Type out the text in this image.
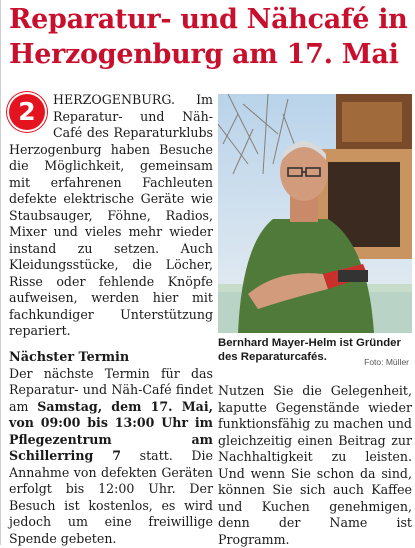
Reparatur- und Nähcafé in Herzogenburg am 17. Mai
2	HERZOGENBURG. Im Reparatur- und Näh-Café des Reparaturklubs Herzogenburg haben Besuche die Möglichkeit, gemeinsam mit erfahrenen Fachleuten defekte elektrische Geräte wie Staubsauger, Föhne, Radios, Mixer und vieles mehr wieder instand zu setzen. Auch Kleidungsstücke, die Löcher, Risse oder fehlende Knöpfe aufweisen, werden hier mit fachkundiger Unterstützung repariert.
Nächster Termin
Der nächste Termin für das Reparatur- und Näh-Café findet am Samstag, dem 17. Mai, von 09:00 bis 13:00 Uhr im Pflegezentrum am Schillerring 7 statt. Die Annahme von defekten Geräten erfolgt bis 12:00 Uhr. Der Besuch ist kostenlos, es wird jedoch um eine freiwillige Spende gebeten.
Bernhard Mayer-Helm ist Gründer des Reparaturcafés.	Foto: Müller
Nutzen Sie die Gelegenheit, kaputte Gegenstände wieder funktionsfähig zu machen und gleichzeitig einen Beitrag zur Nachhaltigkeit zu leisten. Und wenn Sie schon da sind, können Sie sich auch Kaffee und Kuchen genehmigen, denn der Name ist Programm.
